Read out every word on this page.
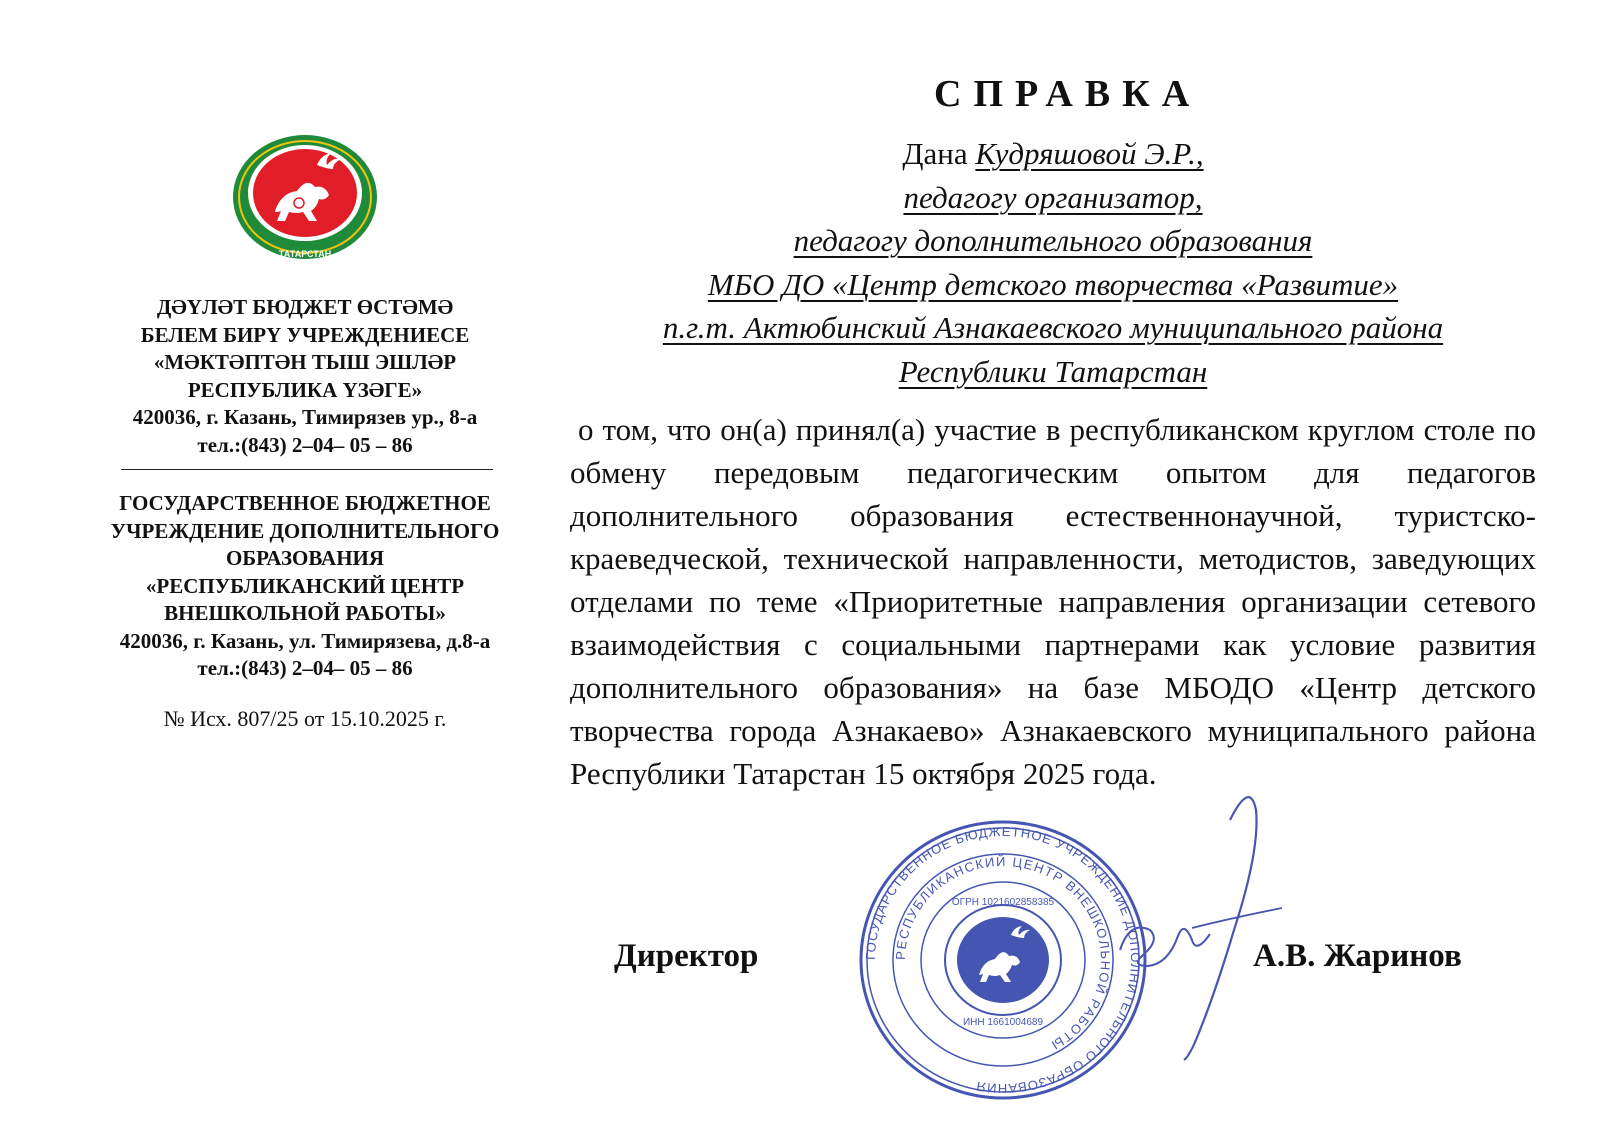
ТАТАРСТАН
ДӘҮЛӘТ БЮДЖЕТ ӨСТӘМӘ
БЕЛЕМ БИРҮ УЧРЕЖДЕНИЕСЕ
«МӘКТӘПТӘН ТЫШ ЭШЛӘР
РЕСПУБЛИКА ҮЗӘГЕ»
420036, г. Казань, Тимирязев ур., 8-а
тел.:(843) 2–04– 05 – 86
ГОСУДАРСТВЕННОЕ БЮДЖЕТНОЕ
УЧРЕЖДЕНИЕ ДОПОЛНИТЕЛЬНОГО
ОБРАЗОВАНИЯ
«РЕСПУБЛИКАНСКИЙ ЦЕНТР
ВНЕШКОЛЬНОЙ РАБОТЫ»
420036, г. Казань, ул. Тимирязева, д.8-а
тел.:(843) 2–04– 05 – 86
№ Исх. 807/25 от 15.10.2025 г.
СПРАВКА
Дана Кудряшовой Э.Р.,
педагогу организатор,
педагогу дополнительного образования
МБО ДО «Центр детского творчества «Развитие»
п.г.т. Актюбинский Азнакаевского муниципального района
Республики Татарстан

о том, что он(а) принял(а) участие в республиканском круглом столе по обмену передовым педагогическим опытом для педагогов дополнительного образования естественнонаучной, туристско-краеведческой, технической направленности, методистов, заведующих отделами по теме «Приоритетные направления организации сетевого взаимодействия с социальными партнерами как условие развития дополнительного образования» на базе МБОДО «Центр детского творчества города Азнакаево» Азнакаевского муниципального района Республики Татарстан 15 октября 2025 года.

ГОСУДАРСТВЕННОЕ БЮДЖЕТНОЕ УЧРЕЖДЕНИЕ ДОПОЛНИТЕЛЬНОГО ОБРАЗОВАНИЯ
РЕСПУБЛИКАНСКИЙ ЦЕНТР ВНЕШКОЛЬНОЙ РАБОТЫ
ОГРН 1021602858385
ИНН 1661004689
Директор	А.В. Жаринов
